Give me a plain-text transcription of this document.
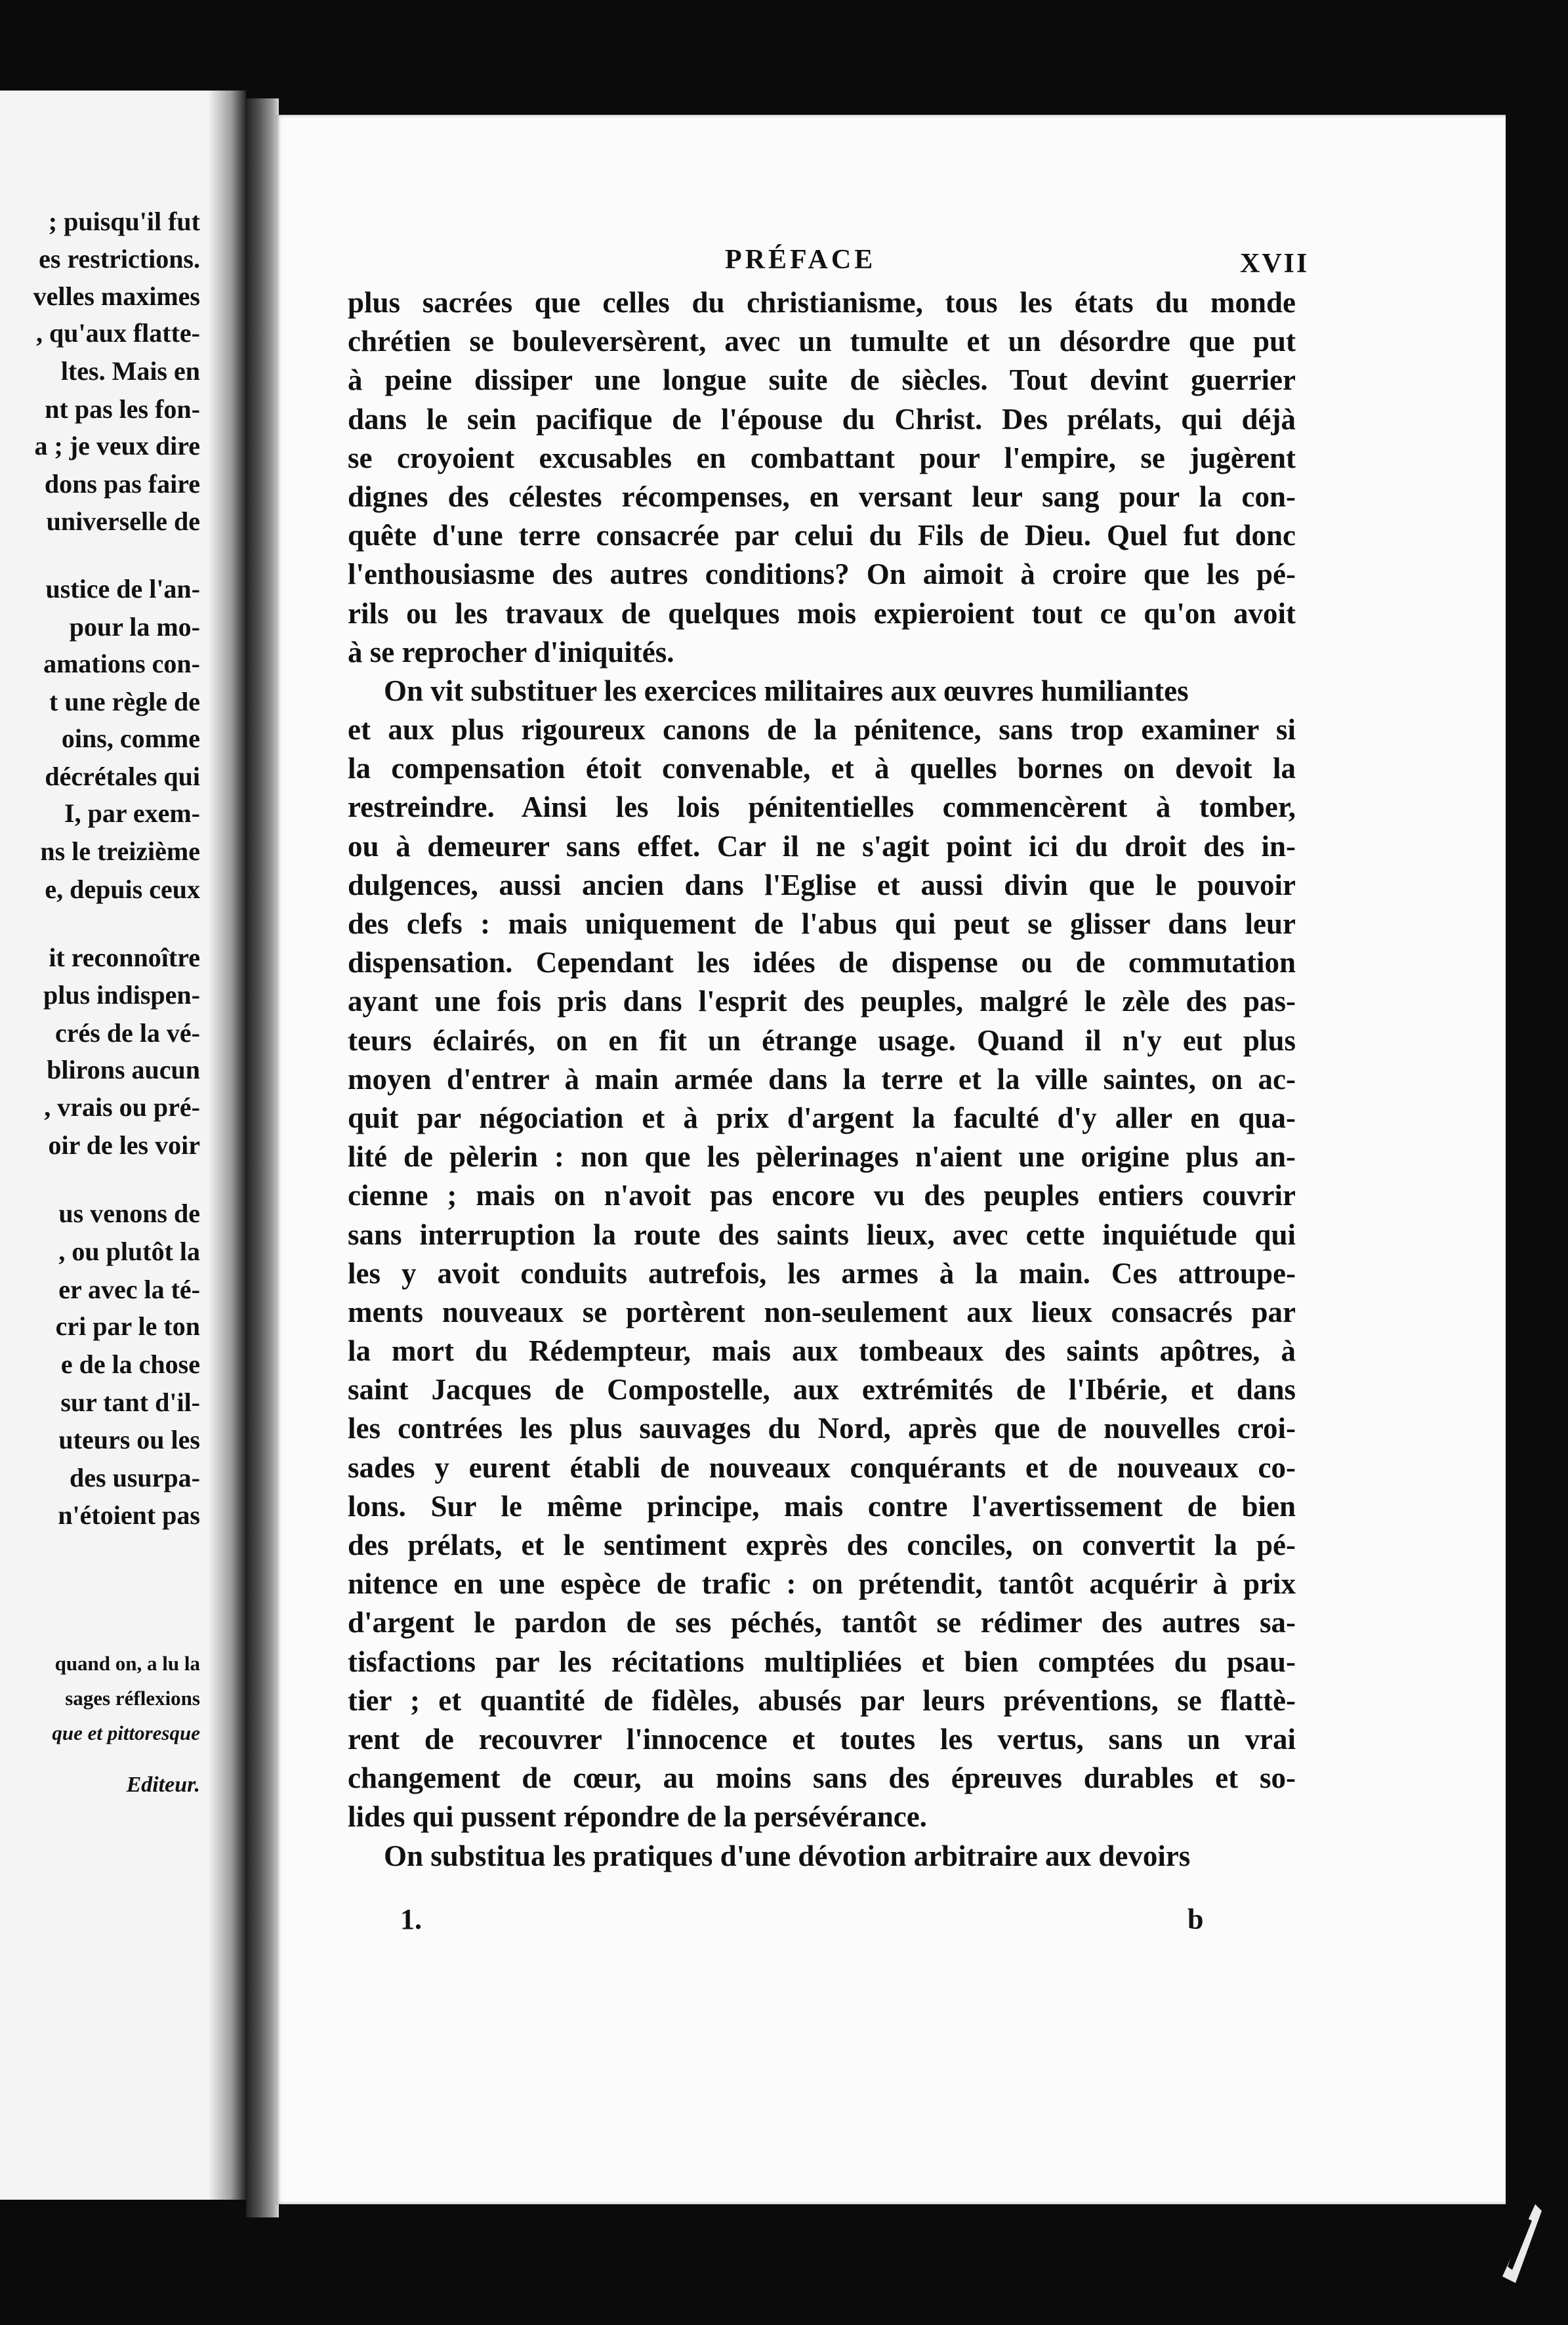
; puisqu'il fut
es restrictions.
velles maximes
, qu'aux flatte-
ltes. Mais en
nt pas les fon-
a ; je veux dire
dons pas faire
universelle de
ustice de l'an-
pour la mo-
amations con-
t une règle de
oins, comme
décrétales qui
I, par exem-
ns le treizième
e, depuis ceux
it reconnoître
plus indispen-
crés de la vé-
blirons aucun
, vrais ou pré-
oir de les voir
us venons de
, ou plutôt la
er avec la té-
cri par le ton
e de la chose
sur tant d'il-
uteurs ou les
des usurpa-
n'étoient pas
quand on, a lu la
sages réflexions
que et pittoresque
Editeur.
PRÉFACE	XVII
plus sacrées que celles du christianisme, tous les états du monde
chrétien se bouleversèrent, avec un tumulte et un désordre que put
à peine dissiper une longue suite de siècles. Tout devint guerrier
dans le sein pacifique de l'épouse du Christ. Des prélats, qui déjà
se croyoient excusables en combattant pour l'empire, se jugèrent
dignes des célestes récompenses, en versant leur sang pour la con-
quête d'une terre consacrée par celui du Fils de Dieu. Quel fut donc
l'enthousiasme des autres conditions? On aimoit à croire que les pé-
rils ou les travaux de quelques mois expieroient tout ce qu'on avoit
à se reprocher d'iniquités.
On vit substituer les exercices militaires aux œuvres humiliantes
et aux plus rigoureux canons de la pénitence, sans trop examiner si
la compensation étoit convenable, et à quelles bornes on devoit la
restreindre. Ainsi les lois pénitentielles commencèrent à tomber,
ou à demeurer sans effet. Car il ne s'agit point ici du droit des in-
dulgences, aussi ancien dans l'Eglise et aussi divin que le pouvoir
des clefs : mais uniquement de l'abus qui peut se glisser dans leur
dispensation. Cependant les idées de dispense ou de commutation
ayant une fois pris dans l'esprit des peuples, malgré le zèle des pas-
teurs éclairés, on en fit un étrange usage. Quand il n'y eut plus
moyen d'entrer à main armée dans la terre et la ville saintes, on ac-
quit par négociation et à prix d'argent la faculté d'y aller en qua-
lité de pèlerin : non que les pèlerinages n'aient une origine plus an-
cienne ; mais on n'avoit pas encore vu des peuples entiers couvrir
sans interruption la route des saints lieux, avec cette inquiétude qui
les y avoit conduits autrefois, les armes à la main. Ces attroupe-
ments nouveaux se portèrent non-seulement aux lieux consacrés par
la mort du Rédempteur, mais aux tombeaux des saints apôtres, à
saint Jacques de Compostelle, aux extrémités de l'Ibérie, et dans
les contrées les plus sauvages du Nord, après que de nouvelles croi-
sades y eurent établi de nouveaux conquérants et de nouveaux co-
lons. Sur le même principe, mais contre l'avertissement de bien
des prélats, et le sentiment exprès des conciles, on convertit la pé-
nitence en une espèce de trafic : on prétendit, tantôt acquérir à prix
d'argent le pardon de ses péchés, tantôt se rédimer des autres sa-
tisfactions par les récitations multipliées et bien comptées du psau-
tier ; et quantité de fidèles, abusés par leurs préventions, se flattè-
rent de recouvrer l'innocence et toutes les vertus, sans un vrai
changement de cœur, au moins sans des épreuves durables et so-
lides qui pussent répondre de la persévérance.
On substitua les pratiques d'une dévotion arbitraire aux devoirs
1.	b
